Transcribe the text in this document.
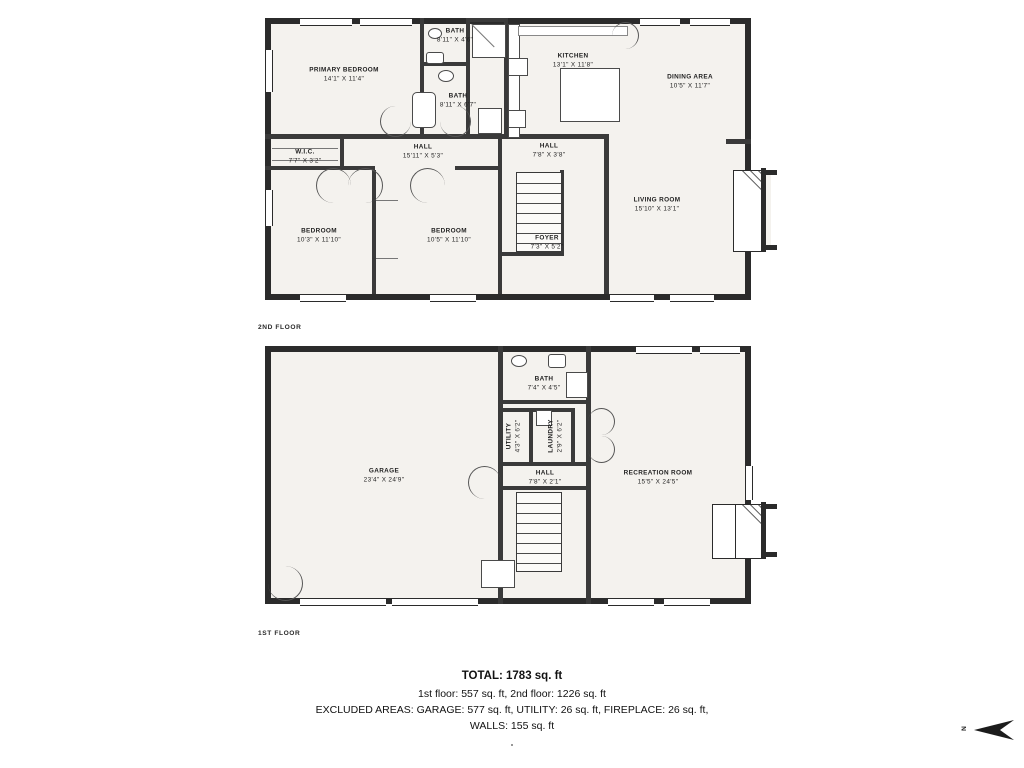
PRIMARY BEDROOM
14'1" X 11'4"
BATH
8'11" X 4'6"
BATH
8'11" X 6'7"
KITCHEN
13'1" X 11'8"
DINING AREA
10'5" X 11'7"
W.I.C.
7'7" X 3'2"
HALL
15'11" X 5'3"
HALL
7'8" X 3'8"
LIVING ROOM
15'10" X 13'1"
BEDROOM
10'3" X 11'10"
BEDROOM
10'5" X 11'10"	FOYER
7'3" X 5'2"
2ND FLOOR
GARAGE
23'4" X 24'9"
BATH
7'4" X 4'5"
UTILITY 4'3" X 6'2"	LAUNDRY 2'9" X 6'2"
HALL
7'8" X 2'1"
RECREATION ROOM
15'5" X 24'5"
1ST FLOOR
TOTAL: 1783 sq. ft
1st floor: 557 sq. ft, 2nd floor: 1226 sq. ft
EXCLUDED AREAS: GARAGE: 577 sq. ft, UTILITY: 26 sq. ft, FIREPLACE: 26 sq. ft,
WALLS: 155 sq. ft	N
